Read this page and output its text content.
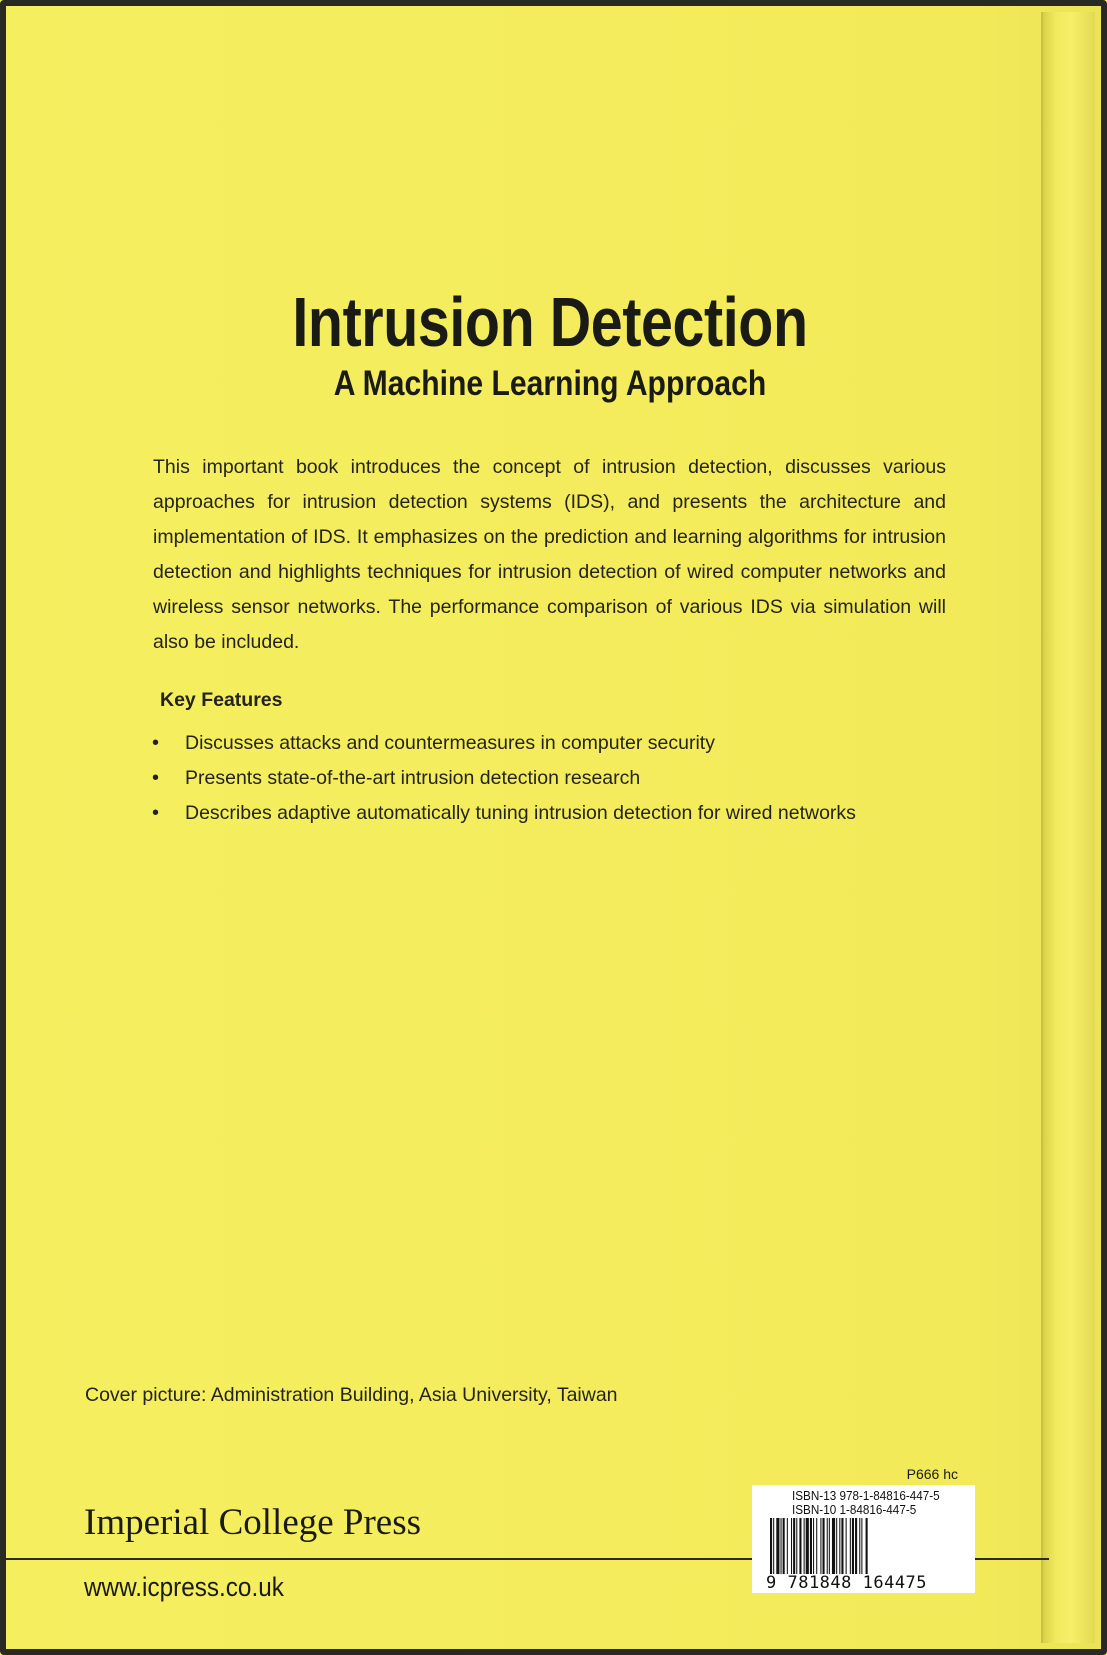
Intrusion Detection
A Machine Learning Approach
This important book introduces the concept of intrusion detection, discusses various approaches for intrusion detection systems (IDS), and presents the architecture and implementation of IDS. It emphasizes on the prediction and learning algorithms for intrusion detection and highlights techniques for intrusion detection of wired computer networks and wireless sensor networks. The performance comparison of various IDS via simulation will also be included.
Key Features
• Discusses attacks and countermeasures in computer security
• Presents state-of-the-art intrusion detection research
• Describes adaptive automatically tuning intrusion detection for wired networks
Cover picture: Administration Building, Asia University, Taiwan
Imperial College Press
www.icpress.co.uk
P666 hc
ISBN-13 978-1-84816-447-5
ISBN-10 1-84816-447-5
9 781848 164475
